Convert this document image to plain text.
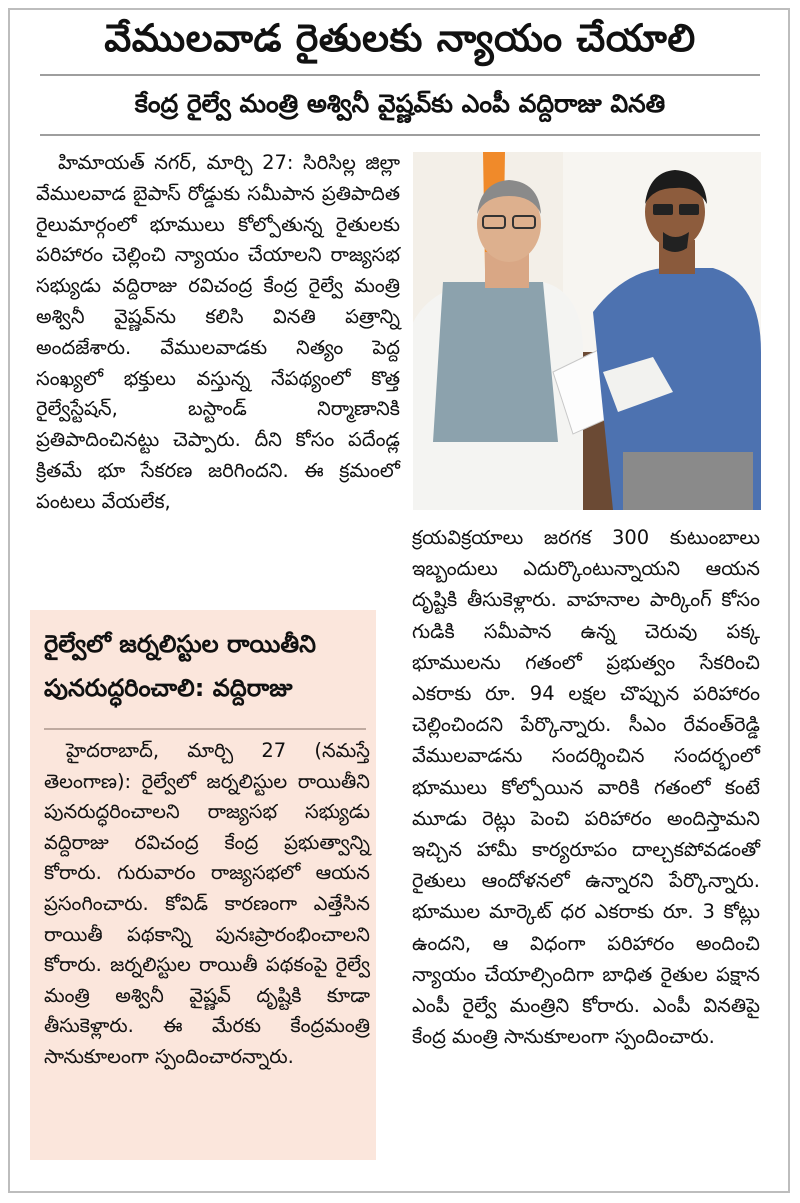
వేములవాడ రైతులకు న్యాయం చేయాలి
కేంద్ర రైల్వే మంత్రి అశ్వినీ వైష్ణవ్‌కు ఎంపీ వద్దిరాజు వినతి

హిమాయత్ నగర్, మార్చి 27: సిరిసిల్ల జిల్లా వేములవాడ బైపాస్ రోడ్డుకు సమీపాన ప్రతిపాదిత రైలుమార్గంలో భూములు కోల్పోతున్న రైతులకు పరిహారం చెల్లించి న్యాయం చేయాలని రాజ్యసభ సభ్యుడు వద్దిరాజు రవిచంద్ర కేంద్ర రైల్వే మంత్రి అశ్వినీ వైష్ణవ్‌ను కలిసి వినతి పత్రాన్ని అందజేశారు. వేములవాడకు నిత్యం పెద్ద సంఖ్యలో భక్తులు వస్తున్న నేపథ్యంలో కొత్త రైల్వేస్టేషన్, బస్టాండ్ నిర్మాణానికి ప్రతిపాదించినట్టు చెప్పారు. దీని కోసం పదేండ్ల క్రితమే భూ సేకరణ జరిగిందని. ఈ క్రమంలో పంటలు వేయలేక,

క్రయవిక్రయాలు జరగక 300 కుటుంబాలు ఇబ్బందులు ఎదుర్కొంటున్నాయని ఆయన దృష్టికి తీసుకెళ్లారు. వాహనాల పార్కింగ్ కోసం గుడికి సమీపాన ఉన్న చెరువు పక్క భూములను గతంలో ప్రభుత్వం సేకరించి ఎకరాకు రూ. 94 లక్షల చొప్పున పరిహారం చెల్లించిందని పేర్కొన్నారు. సీఎం రేవంత్‌రెడ్డి వేములవాడను సందర్శించిన సందర్భంలో భూములు కోల్పోయిన వారికి గతంలో కంటే మూడు రెట్లు పెంచి పరిహారం అందిస్తామని ఇచ్చిన హామీ కార్యరూపం దాల్చకపోవడంతో రైతులు ఆందోళనలో ఉన్నారని పేర్కొన్నారు. భూముల మార్కెట్ ధర ఎకరాకు రూ. 3 కోట్లు ఉందని, ఆ విధంగా పరిహారం అందించి న్యాయం చేయాల్సిందిగా బాధిత రైతుల పక్షాన ఎంపీ రైల్వే మంత్రిని కోరారు. ఎంపీ వినతిపై కేంద్ర మంత్రి సానుకూలంగా స్పందించారు.

రైల్వేలో జర్నలిస్టుల రాయితీని
పునరుద్ధరించాలి: వద్దిరాజు

హైదరాబాద్, మార్చి 27 (నమస్తే తెలంగాణ): రైల్వేలో జర్నలిస్టుల రాయితీని పునరుద్ధరించాలని రాజ్యసభ సభ్యుడు వద్దిరాజు రవిచంద్ర కేంద్ర ప్రభుత్వాన్ని కోరారు. గురువారం రాజ్యసభలో ఆయన ప్రసంగించారు. కోవిడ్ కారణంగా ఎత్తేసిన రాయితీ పథకాన్ని పునఃప్రారంభించాలని కోరారు. జర్నలిస్టుల రాయితీ పథకంపై రైల్వే మంత్రి అశ్వినీ వైష్ణవ్ దృష్టికి కూడా తీసుకెళ్లారు. ఈ మేరకు కేంద్రమంత్రి సానుకూలంగా స్పందించారన్నారు.
